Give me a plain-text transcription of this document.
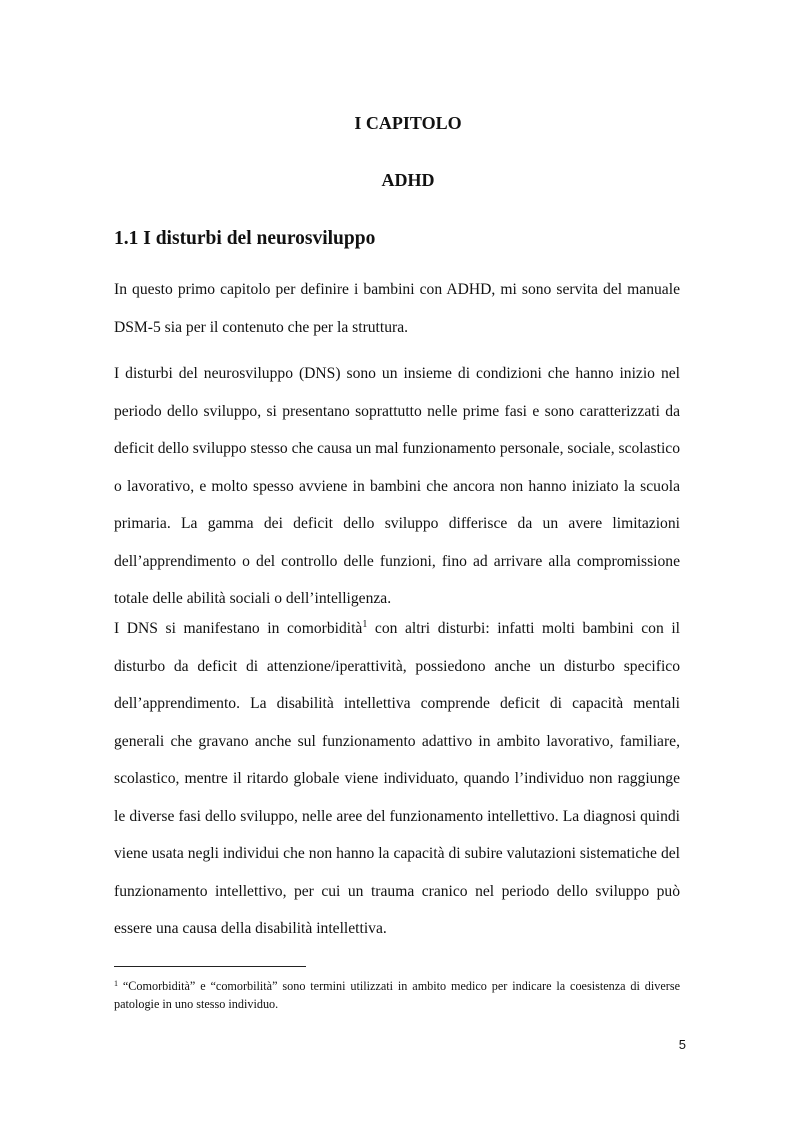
I CAPITOLO
ADHD
1.1 I disturbi del neurosviluppo

In questo primo capitolo per definire i bambini con ADHD, mi sono servita del manuale DSM-5 sia per il contenuto che per la struttura.

I disturbi del neurosviluppo (DNS) sono un insieme di condizioni che hanno inizio nel periodo dello sviluppo, si presentano soprattutto nelle prime fasi e sono caratterizzati da deficit dello sviluppo stesso che causa un mal funzionamento personale, sociale, scolastico o lavorativo, e molto spesso avviene in bambini che ancora non hanno iniziato la scuola primaria. La gamma dei deficit dello sviluppo differisce da un avere limitazioni dell’apprendimento o del controllo delle funzioni, fino ad arrivare alla compromissione totale delle abilità sociali o dell’intelligenza.

I DNS si manifestano in comorbidità$^1$ con altri disturbi: infatti molti bambini con il disturbo da deficit di attenzione/iperattività, possiedono anche un disturbo specifico dell’apprendimento. La disabilità intellettiva comprende deficit di capacità mentali generali che gravano anche sul funzionamento adattivo in ambito lavorativo, familiare, scolastico, mentre il ritardo globale viene individuato, quando l’individuo non raggiunge le diverse fasi dello sviluppo, nelle aree del funzionamento intellettivo. La diagnosi quindi viene usata negli individui che non hanno la capacità di subire valutazioni sistematiche del funzionamento intellettivo, per cui un trauma cranico nel periodo dello sviluppo può essere una causa della disabilità intellettiva.

$^1$ “Comorbidità” e “comorbilità” sono termini utilizzati in ambito medico per indicare la coesistenza di diverse patologie in uno stesso individuo.

5
